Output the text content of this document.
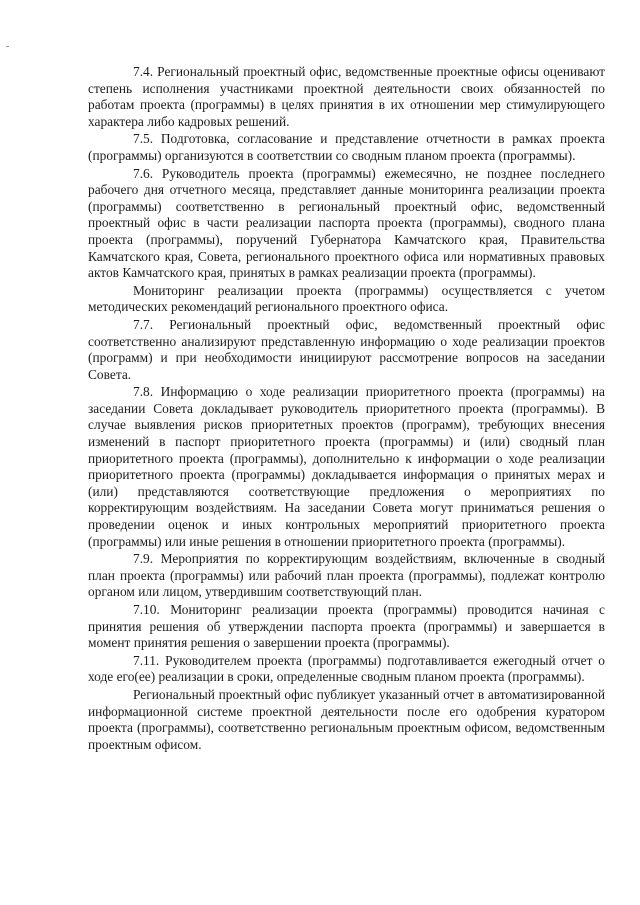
7.4. Региональный проектный офис, ведомственные проектные офисы оценивают степень исполнения участниками проектной деятельности своих обязанностей по работам проекта (программы) в целях принятия в их отношении мер стимулирующего характера либо кадровых решений.

7.5. Подготовка, согласование и представление отчетности в рамках проекта (программы) организуются в соответствии со сводным планом проекта (программы).

7.6. Руководитель проекта (программы) ежемесячно, не позднее последнего рабочего дня отчетного месяца, представляет данные мониторинга реализации проекта (программы) соответственно в региональный проектный офис, ведомственный проектный офис в части реализации паспорта проекта (программы), сводного плана проекта (программы), поручений Губернатора Камчатского края, Правительства Камчатского края, Совета, регионального проектного офиса или нормативных правовых актов Камчатского края, принятых в рамках реализации проекта (программы).

Мониторинг реализации проекта (программы) осуществляется с учетом методических рекомендаций регионального проектного офиса.

7.7. Региональный проектный офис, ведомственный проектный офис соответственно анализируют представленную информацию о ходе реализации проектов (программ) и при необходимости инициируют рассмотрение вопросов на заседании Совета.

7.8. Информацию о ходе реализации приоритетного проекта (программы) на заседании Совета докладывает руководитель приоритетного проекта (программы). В случае выявления рисков приоритетных проектов (программ), требующих внесения изменений в паспорт приоритетного проекта (программы) и (или) сводный план приоритетного проекта (программы), дополнительно к информации о ходе реализации приоритетного проекта (программы) докладывается информация о принятых мерах и (или) представляются соответствующие предложения о мероприятиях по корректирующим воздействиям. На заседании Совета могут приниматься решения о проведении оценок и иных контрольных мероприятий приоритетного проекта (программы) или иные решения в отношении приоритетного проекта (программы).

7.9. Мероприятия по корректирующим воздействиям, включенные в сводный план проекта (программы) или рабочий план проекта (программы), подлежат контролю органом или лицом, утвердившим соответствующий план.

7.10. Мониторинг реализации проекта (программы) проводится начиная с принятия решения об утверждении паспорта проекта (программы) и завершается в момент принятия решения о завершении проекта (программы).

7.11. Руководителем проекта (программы) подготавливается ежегодный отчет о ходе его(ее) реализации в сроки, определенные сводным планом проекта (программы).

Региональный проектный офис публикует указанный отчет в автоматизированной информационной системе проектной деятельности после его одобрения куратором проекта (программы), соответственно региональным проектным офисом, ведомственным проектным офисом.
